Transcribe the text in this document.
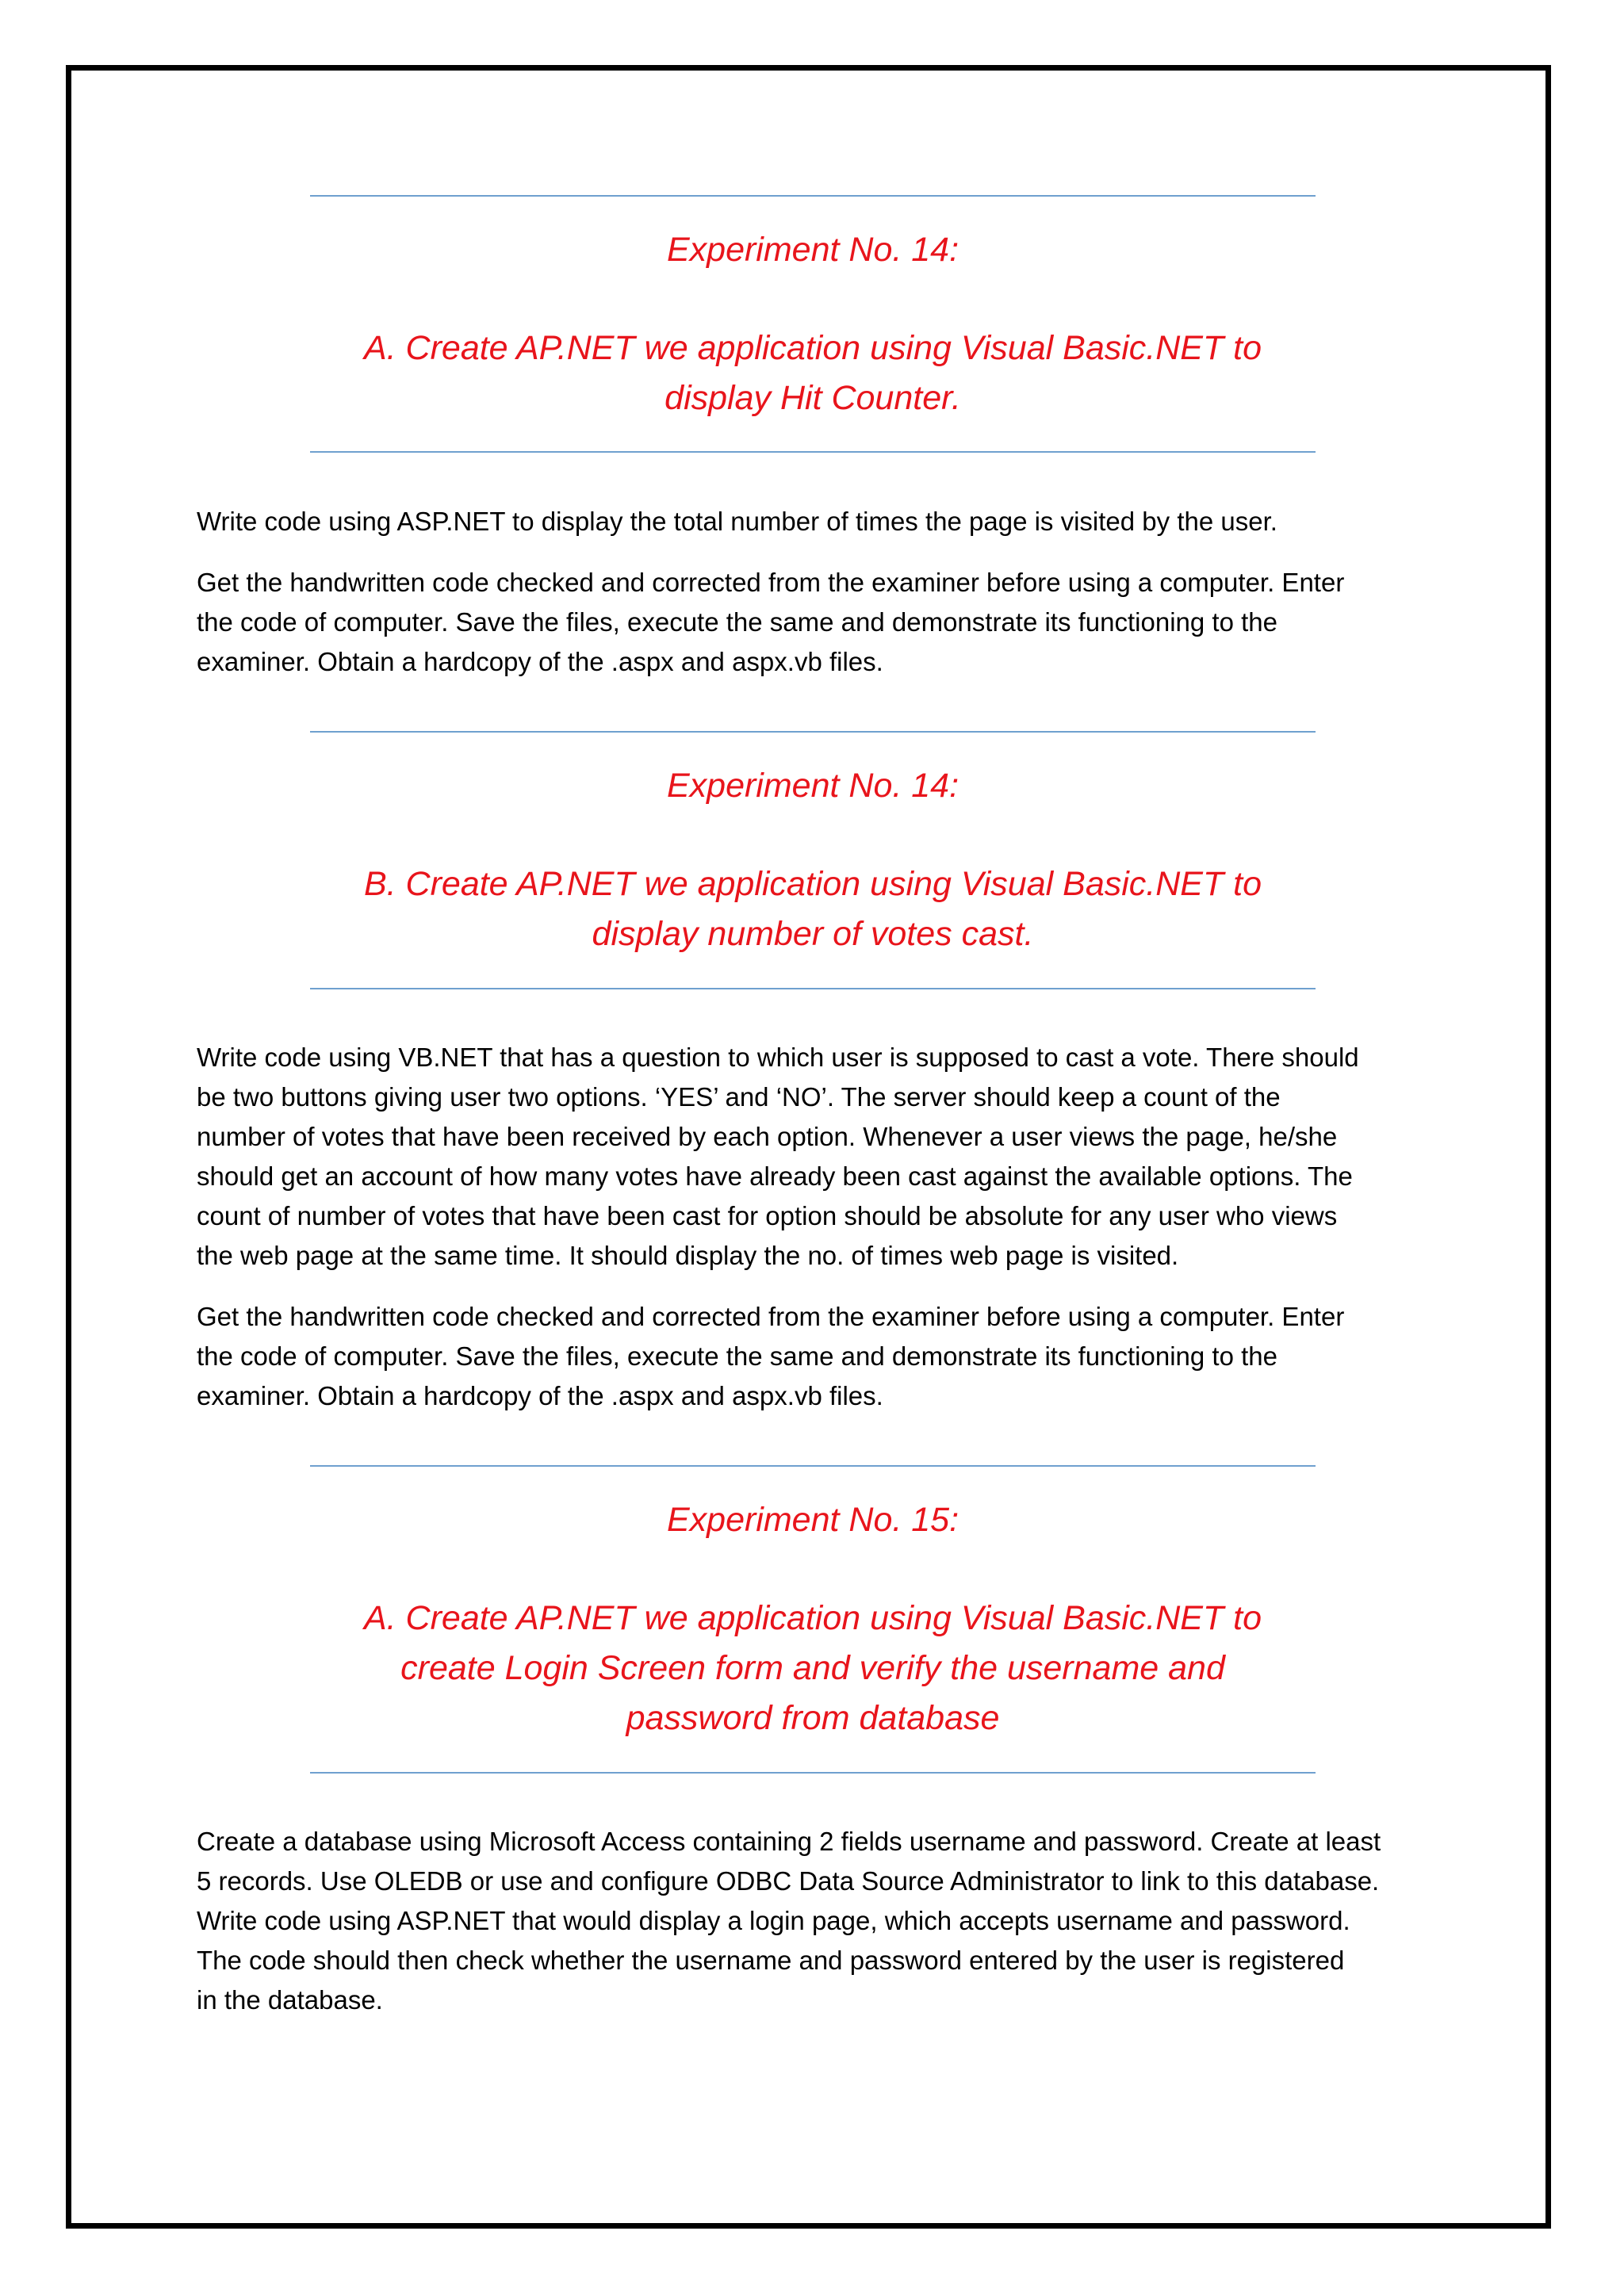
Experiment No. 14:
A. Create AP.NET we application using Visual Basic.NET to
display Hit Counter.
Write code using ASP.NET to display the total number of times the page is visited by the user.
Get the handwritten code checked and corrected from the examiner before using a computer. Enter
the code of computer. Save the files, execute the same and demonstrate its functioning to the
examiner. Obtain a hardcopy of the .aspx and aspx.vb files.
Experiment No. 14:
B. Create AP.NET we application using Visual Basic.NET to
display number of votes cast.
Write code using VB.NET that has a question to which user is supposed to cast a vote. There should
be two buttons giving user two options. ‘YES’ and ‘NO’. The server should keep a count of the
number of votes that have been received by each option. Whenever a user views the page, he/she
should get an account of how many votes have already been cast against the available options. The
count of number of votes that have been cast for option should be absolute for any user who views
the web page at the same time. It should display the no. of times web page is visited.
Get the handwritten code checked and corrected from the examiner before using a computer. Enter
the code of computer. Save the files, execute the same and demonstrate its functioning to the
examiner. Obtain a hardcopy of the .aspx and aspx.vb files.
Experiment No. 15:
A. Create AP.NET we application using Visual Basic.NET to
create Login Screen form and verify the username and
password from database
Create a database using Microsoft Access containing 2 fields username and password. Create at least
5 records. Use OLEDB or use and configure ODBC Data Source Administrator to link to this database.
Write code using ASP.NET that would display a login page, which accepts username and password.
The code should then check whether the username and password entered by the user is registered
in the database.
